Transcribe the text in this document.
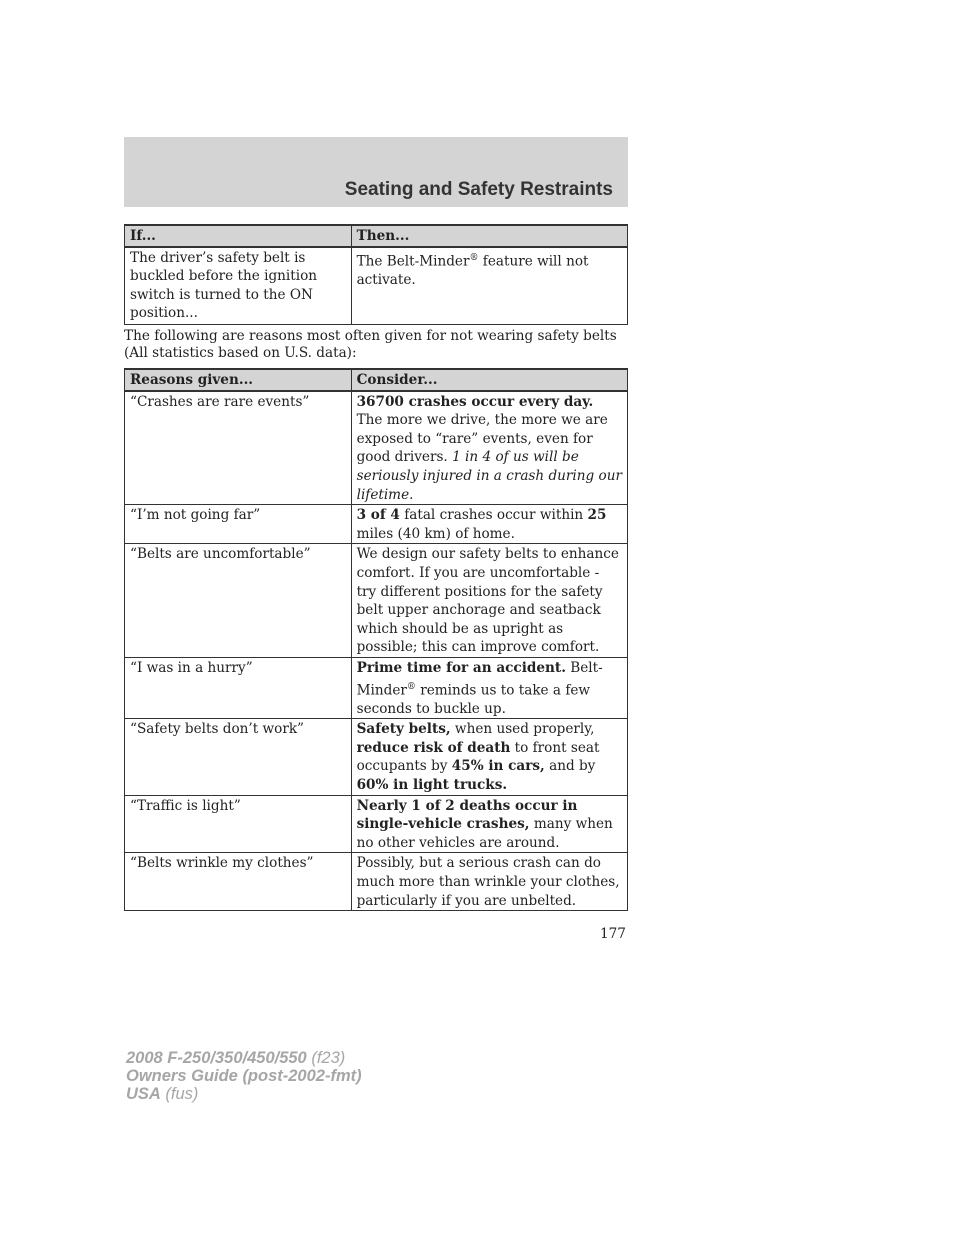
Seating and Safety Restraints
If...	Then...
The driver’s safety belt is buckled before the ignition switch is turned to the ON position...	The Belt-Minder® feature will not activate.
The following are reasons most often given for not wearing safety belts (All statistics based on U.S. data):
Reasons given...	Consider...
“Crashes are rare events”	36700 crashes occur every day. The more we drive, the more we are exposed to “rare” events, even for good drivers. 1 in 4 of us will be seriously injured in a crash during our lifetime.
“I’m not going far”	3 of 4 fatal crashes occur within 25 miles (40 km) of home.
“Belts are uncomfortable”	We design our safety belts to enhance comfort. If you are uncomfortable - try different positions for the safety belt upper anchorage and seatback which should be as upright as possible; this can improve comfort.
“I was in a hurry”	Prime time for an accident. Belt-Minder® reminds us to take a few seconds to buckle up.
“Safety belts don’t work”	Safety belts, when used properly, reduce risk of death to front seat occupants by 45% in cars, and by 60% in light trucks.
“Traffic is light”	Nearly 1 of 2 deaths occur in single-vehicle crashes, many when no other vehicles are around.
“Belts wrinkle my clothes”	Possibly, but a serious crash can do much more than wrinkle your clothes, particularly if you are unbelted.
177
2008 F-250/350/450/550 (f23)
Owners Guide (post-2002-fmt)
USA (fus)
